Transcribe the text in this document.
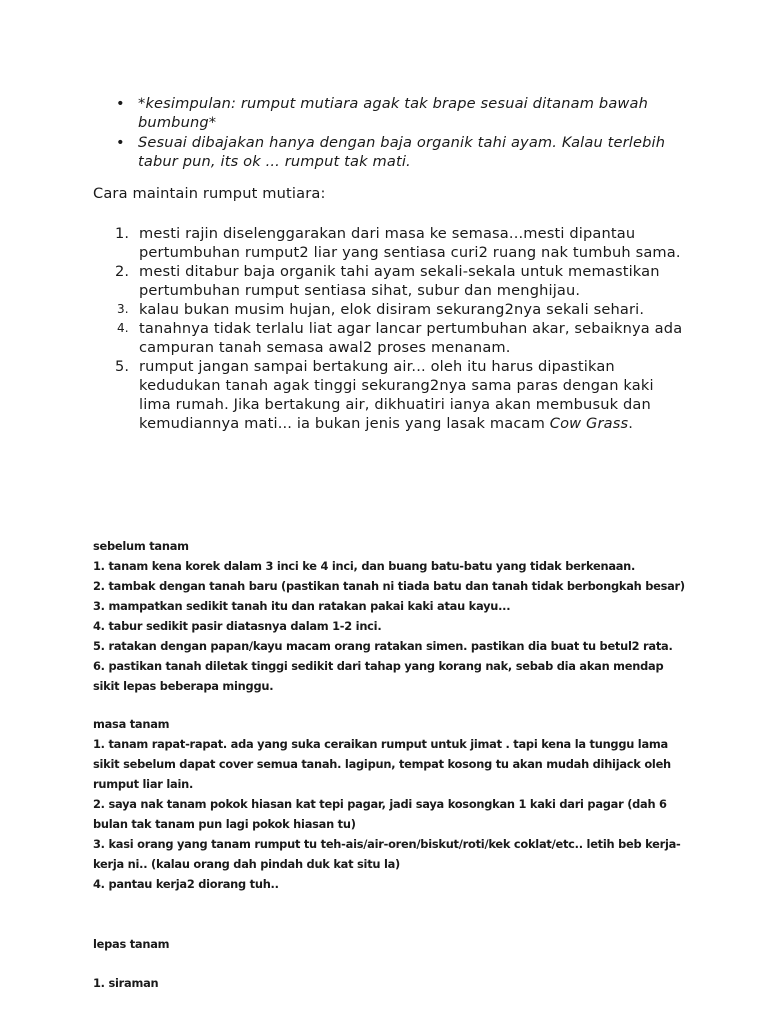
• *kesimpulan: rumput mutiara agak tak brape sesuai ditanam bawah bumbung*
• Sesuai dibajakan hanya dengan baja organik tahi ayam. Kalau terlebih tabur pun, its ok ... rumput tak mati.

Cara maintain rumput mutiara:

1. mesti rajin diselenggarakan dari masa ke semasa...mesti dipantau pertumbuhan rumput2 liar yang sentiasa curi2 ruang nak tumbuh sama.
2. mesti ditabur baja organik tahi ayam sekali-sekala untuk memastikan pertumbuhan rumput sentiasa sihat, subur dan menghijau.
3. kalau bukan musim hujan, elok disiram sekurang2nya sekali sehari.
4. tanahnya tidak terlalu liat agar lancar pertumbuhan akar, sebaiknya ada campuran tanah semasa awal2 proses menanam.
5. rumput jangan sampai bertakung air... oleh itu harus dipastikan kedudukan tanah agak tinggi sekurang2nya sama paras dengan kaki lima rumah. Jika bertakung air, dikhuatiri ianya akan membusuk dan kemudiannya mati... ia bukan jenis yang lasak macam Cow Grass.

sebelum tanam

1. tanam kena korek dalam 3 inci ke 4 inci, dan buang batu-batu yang tidak berkenaan.

2. tambak dengan tanah baru (pastikan tanah ni tiada batu dan tanah tidak berbongkah besar)

3. mampatkan sedikit tanah itu dan ratakan pakai kaki atau kayu...

4. tabur sedikit pasir diatasnya dalam 1-2 inci.

5. ratakan dengan papan/kayu macam orang ratakan simen. pastikan dia buat tu betul2 rata.

6. pastikan tanah diletak tinggi sedikit dari tahap yang korang nak, sebab dia akan mendap sikit lepas beberapa minggu.

masa tanam

1. tanam rapat-rapat. ada yang suka ceraikan rumput untuk jimat . tapi kena la tunggu lama sikit sebelum dapat cover semua tanah. lagipun, tempat kosong tu akan mudah dihijack oleh rumput liar lain.

2. saya nak tanam pokok hiasan kat tepi pagar, jadi saya kosongkan 1 kaki dari pagar (dah 6 bulan tak tanam pun lagi pokok hiasan tu)

3. kasi orang yang tanam rumput tu teh-ais/air-oren/biskut/roti/kek coklat/etc.. letih beb kerja-kerja ni.. (kalau orang dah pindah duk kat situ la)

4. pantau kerja2 diorang tuh..

lepas tanam

1. siraman
